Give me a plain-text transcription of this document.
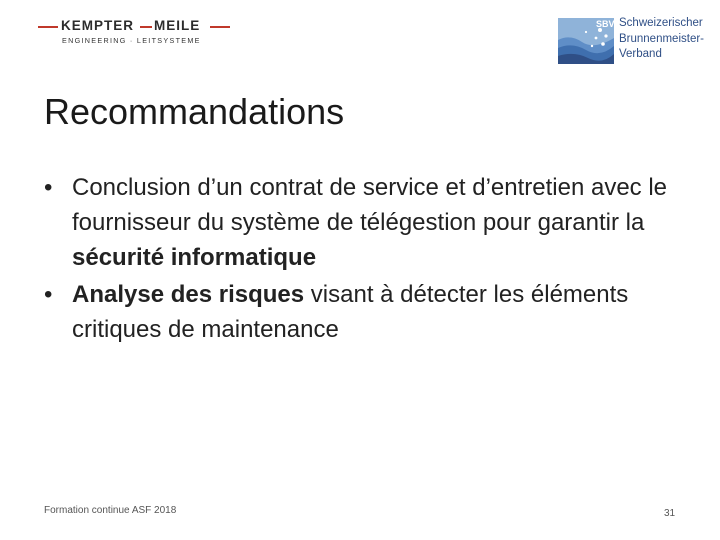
KEMPTER MEILE
ENGINEERING · LEITSYSTEME
SBV Schweizerischer
Brunnenmeister-
Verband
Recommandations
• Conclusion d’un contrat de service et d’entretien avec le fournisseur du système de télégestion pour garantir la sécurité informatique
• Analyse des risques visant à détecter les éléments critiques de maintenance
Formation continue ASF 2018	31
